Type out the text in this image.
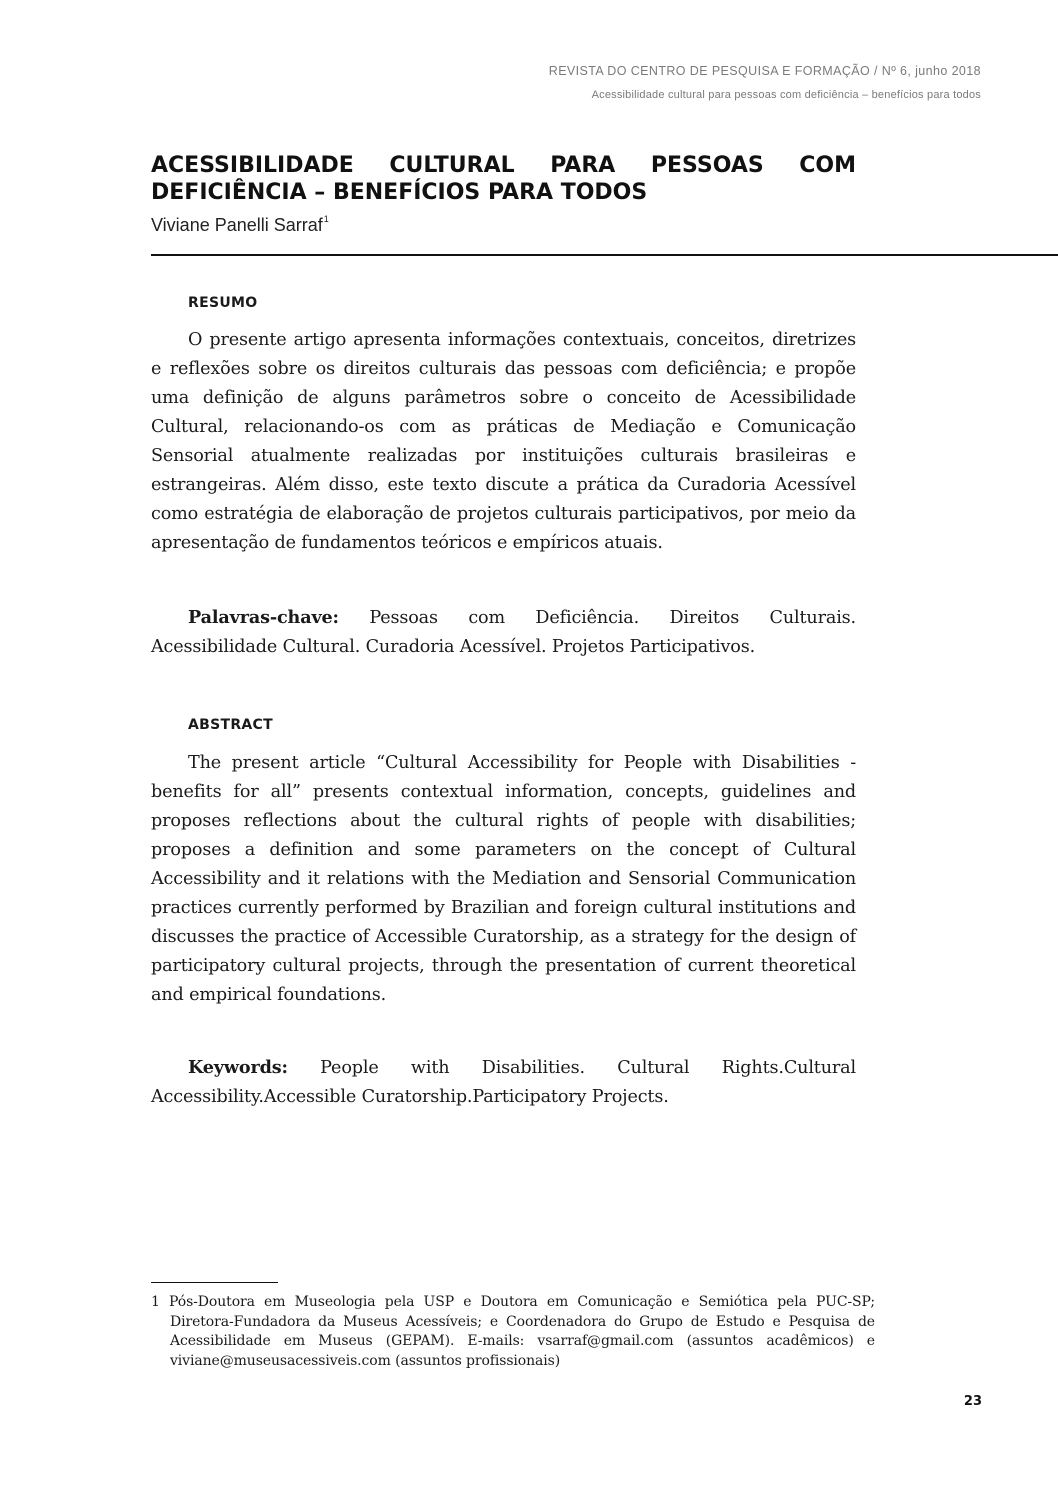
REVISTA DO CENTRO DE PESQUISA E FORMAÇÃO / Nº 6, junho 2018
Acessibilidade cultural para pessoas com deficiência – benefícios para todos
ACESSIBILIDADE CULTURAL PARA PESSOAS COM DEFICIÊNCIA – BENEFÍCIOS PARA TODOS
Viviane Panelli Sarraf$^1$
RESUMO

O presente artigo apresenta informações contextuais, conceitos, diretrizes e reflexões sobre os direitos culturais das pessoas com deficiência; e propõe uma definição de alguns parâmetros sobre o conceito de Acessibilidade Cultural, relacionando-os com as práticas de Mediação e Comunicação Sensorial atualmente realizadas por instituições culturais brasileiras e estrangeiras. Além disso, este texto discute a prática da Curadoria Acessível como estratégia de elaboração de projetos culturais participativos, por meio da apresentação de fundamentos teóricos e empíricos atuais.

Palavras-chave: Pessoas com Deficiência. Direitos Culturais. Acessibilidade Cultural. Curadoria Acessível. Projetos Participativos.

ABSTRACT

The present article “Cultural Accessibility for People with Disabilities - benefits for all” presents contextual information, concepts, guidelines and proposes reflections about the cultural rights of people with disabilities; proposes a definition and some parameters on the concept of Cultural Accessibility and it relations with the Mediation and Sensorial Communication practices currently performed by Brazilian and foreign cultural institutions and discusses the practice of Accessible Curatorship, as a strategy for the design of participatory cultural projects, through the presentation of current theoretical and empirical foundations.

Keywords: People with Disabilities. Cultural Rights.Cultural Accessibility.Accessible Curatorship.Participatory Projects.

1 Pós-Doutora em Museologia pela USP e Doutora em Comunicação e Semiótica pela PUC-SP; Diretora-Fundadora da Museus Acessíveis; e Coordenadora do Grupo de Estudo e Pesquisa de Acessibilidade em Museus (GEPAM). E-mails: vsarraf@gmail.com (assuntos acadêmicos) e viviane@museusacessiveis.com (assuntos profissionais)

23
